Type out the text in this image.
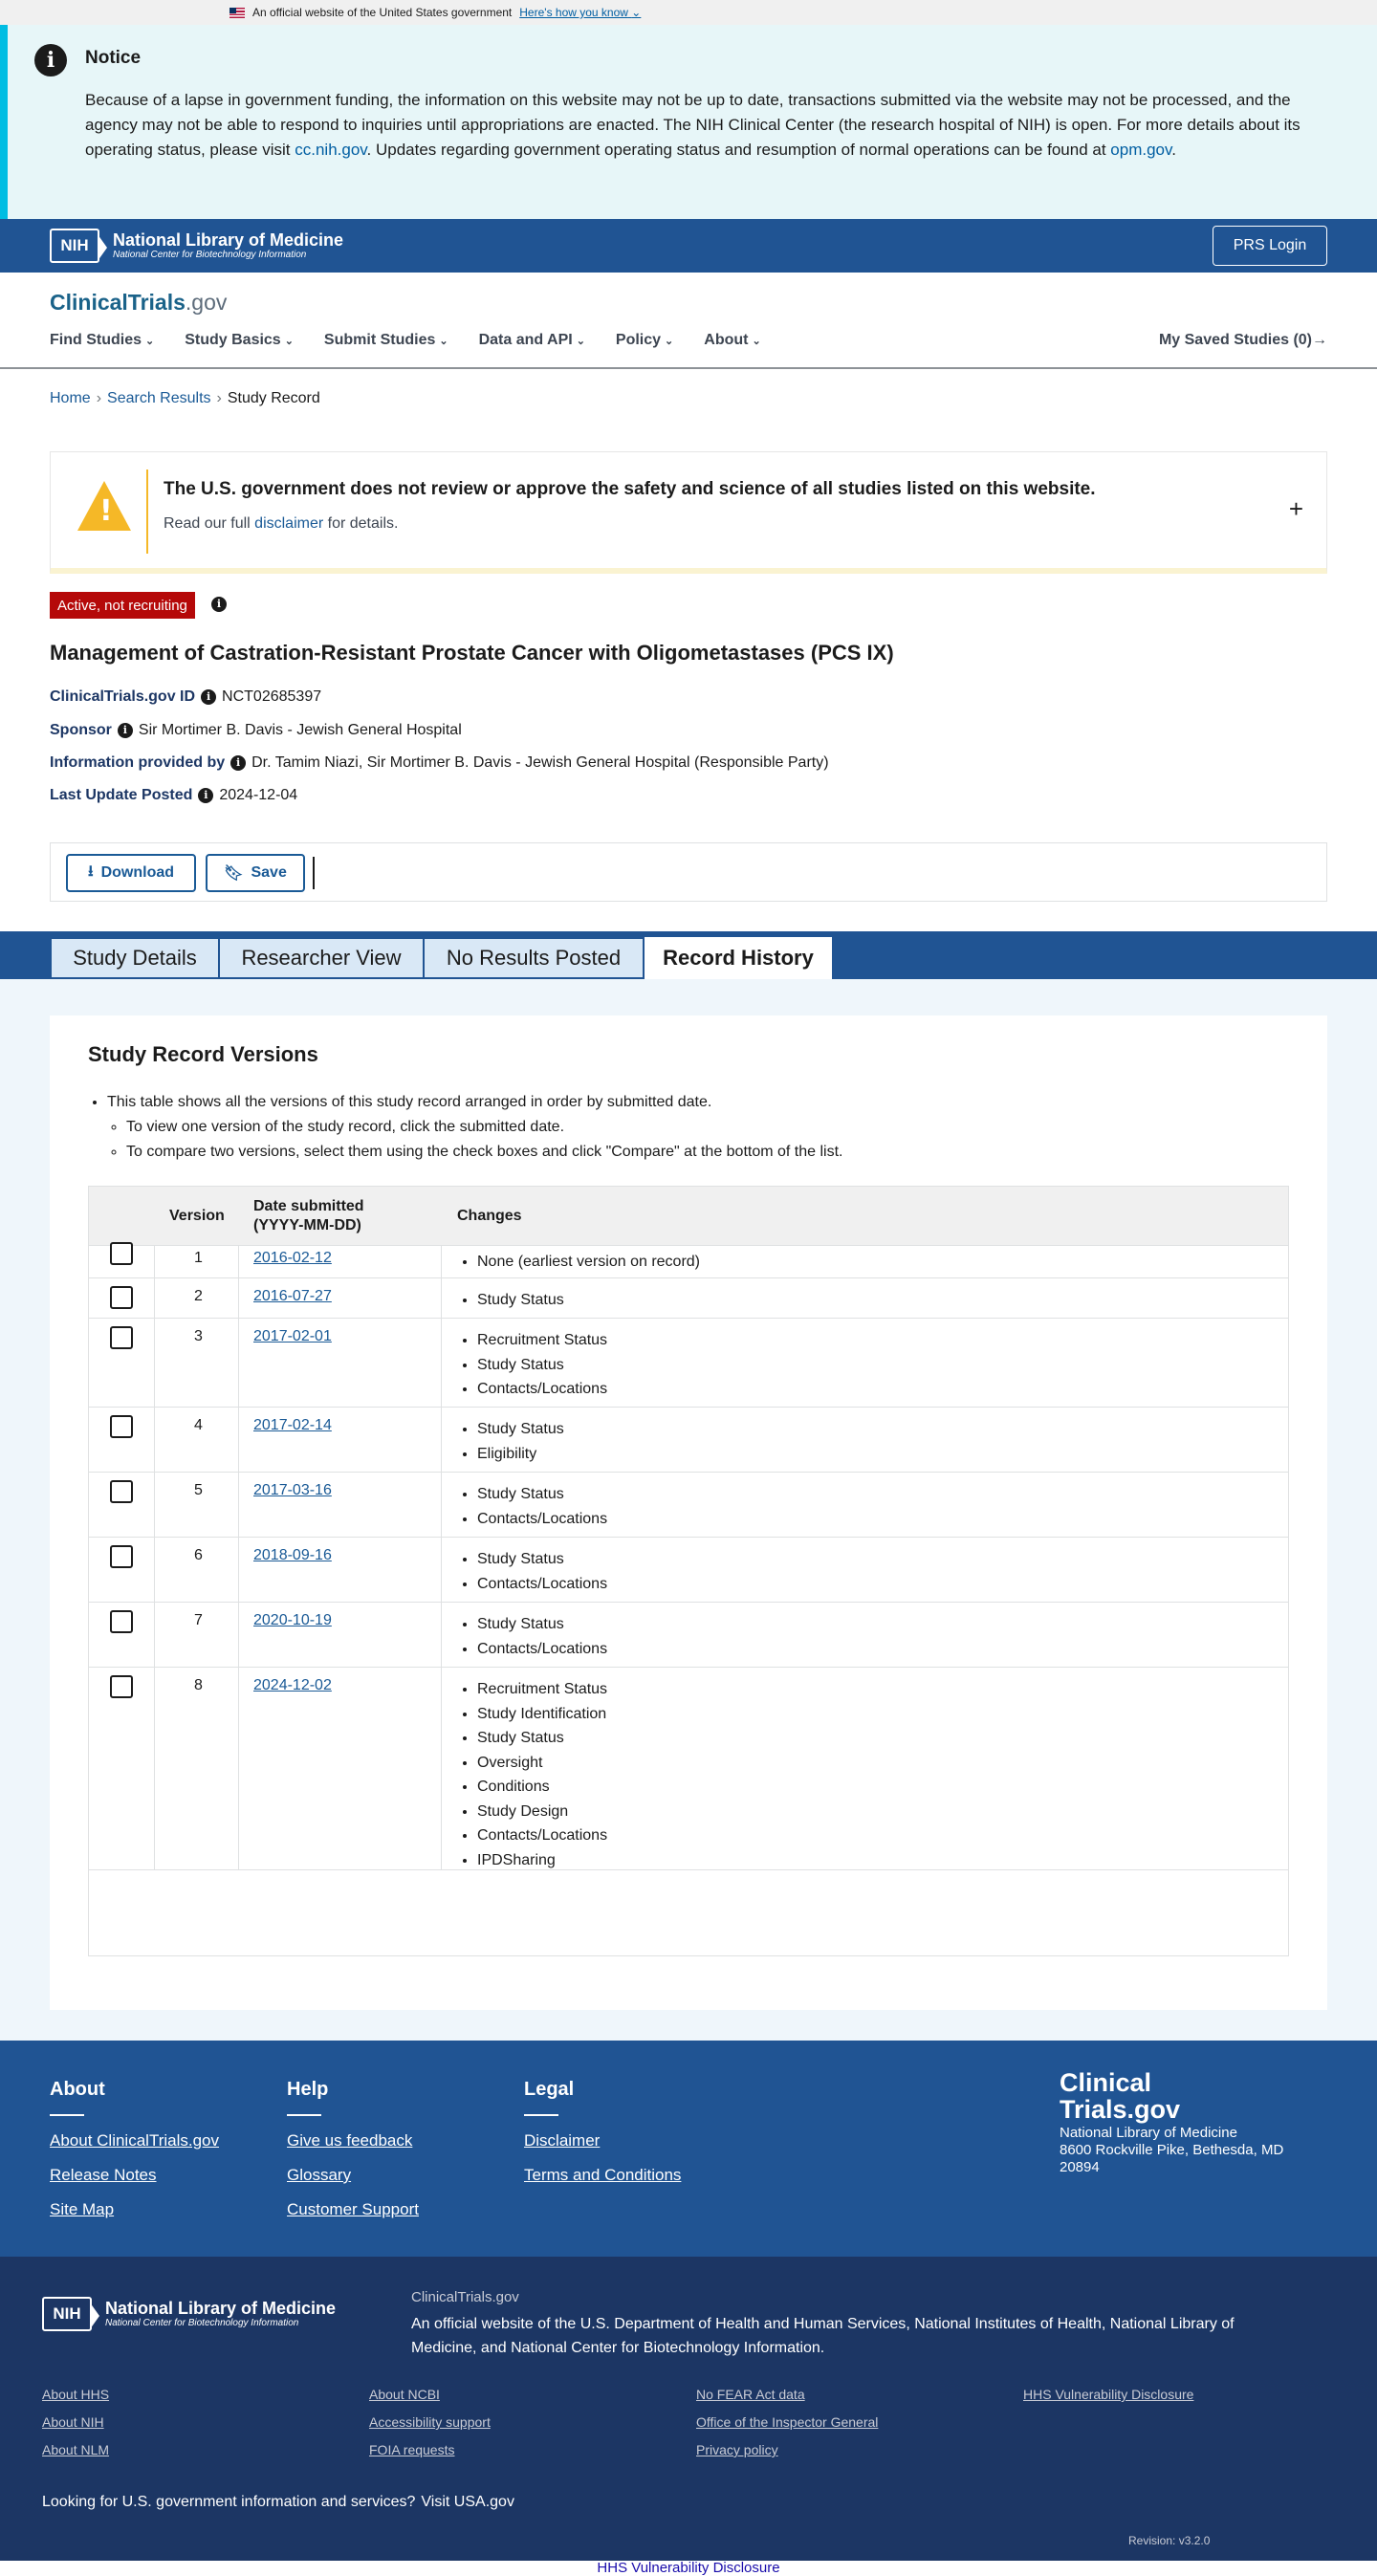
An official website of the United States government Here's how you know ⌄
i	Notice
Because of a lapse in government funding, the information on this website may not be up to date, transactions submitted via the website may not be processed, and the agency may not be able to respond to inquiries until appropriations are enacted. The NIH Clinical Center (the research hospital of NIH) is open. For more details about its operating status, please visit cc.nih.gov. Updates regarding government operating status and resumption of normal operations can be found at opm.gov.
NIH	National Library of Medicine
National Center for Biotechnology Information
PRS Login
ClinicalTrials.gov
Find Studies ⌄ Study Basics ⌄ Submit Studies ⌄ Data and API ⌄ Policy ⌄ About ⌄	My Saved Studies (0)→
Home › Search Results › Study Record
!
The U.S. government does not review or approve the safety and science of all studies listed on this website.
Read our full disclaimer for details.
+
Active, not recruiting	i
Management of Castration-Resistant Prostate Cancer with Oligometastases (PCS IX)
ClinicalTrials.gov ID	i NCT02685397
Sponsor	i Sir Mortimer B. Davis - Jewish General Hospital
Information provided by	i Dr. Tamim Niazi, Sir Mortimer B. Davis - Jewish General Hospital (Responsible Party)
Last Update Posted	i 2024-12-04
⭳ Download	🔖︎ Save
Study Details	Researcher View	No Results Posted	Record History
Study Record Versions
• This table shows all the versions of this study record arranged in order by submitted date.
◦ To view one version of the study record, click the submitted date.
◦ To compare two versions, select them using the check boxes and click "Compare" at the bottom of the list.
Version
Date submitted
(YYYY-MM-DD)
Changes
1	2016-02-12	• None (earliest version on record)
2	2016-07-27	• Study Status
3	2017-02-01	• Recruitment Status
• Study Status
• Contacts/Locations
4	2017-02-14	• Study Status
• Eligibility
5	2017-03-16	• Study Status
• Contacts/Locations
6	2018-09-16	• Study Status
• Contacts/Locations
7	2020-10-19	• Study Status
• Contacts/Locations
8	2024-12-02	• Recruitment Status
• Study Identification
• Study Status
• Oversight
• Conditions
• Study Design
• Contacts/Locations
• IPDSharing
About
About ClinicalTrials.gov
Release Notes
Site Map
Help
Give us feedback
Glossary
Customer Support
Legal
Disclaimer
Terms and Conditions
Clinical
Trials.gov
National Library of Medicine
8600 Rockville Pike, Bethesda, MD 20894
NIH	National Library of Medicine
National Center for Biotechnology Information
ClinicalTrials.gov
An official website of the U.S. Department of Health and Human Services, National Institutes of Health, National Library of Medicine, and National Center for Biotechnology Information.
About HHS
About NIH
About NLM
About NCBI
Accessibility support
FOIA requests
No FEAR Act data
Office of the Inspector General
Privacy policy
HHS Vulnerability Disclosure
Looking for U.S. government information and services? Visit USA.gov
Revision: v3.2.0
HHS Vulnerability Disclosure
